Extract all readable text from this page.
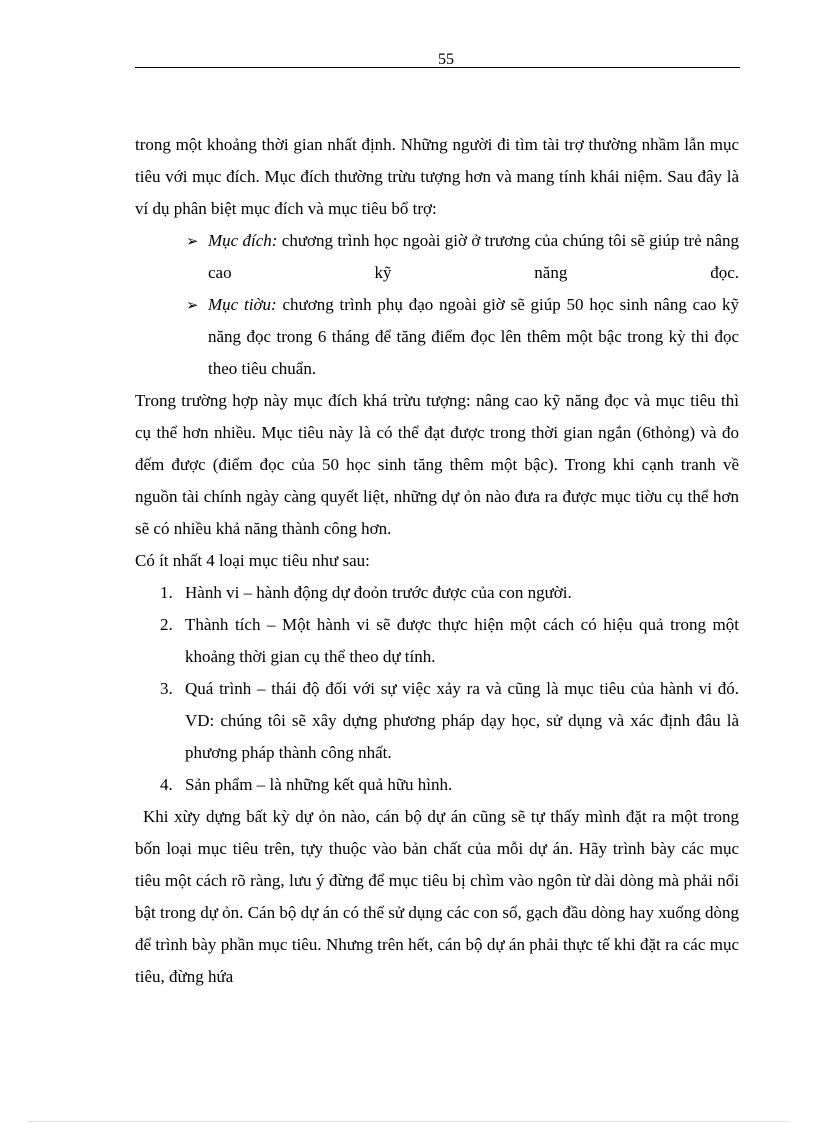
55

trong một khoảng thời gian nhất định. Những người đi tìm tài trợ thường nhầm lẫn mục tiêu với mục đích. Mục đích thường trừu tượng hơn và mang tính khái niệm. Sau đây là ví dụ phân biệt mục đích và mục tiêu bổ trợ:

➢ Mục đích: chương trình học ngoài giờ ở trương của chúng tôi sẽ giúp trẻ nâng cao kỹ năng đọc.
➢ Mục tiờu: chương trình phụ đạo ngoài giờ sẽ giúp 50 học sinh nâng cao kỹ năng đọc trong 6 tháng để tăng điểm đọc lên thêm một bậc trong kỳ thi đọc theo tiêu chuẩn.

Trong trường hợp này mục đích khá trừu tượng: nâng cao kỹ năng đọc và mục tiêu thì cụ thể hơn nhiều. Mục tiêu này là có thể đạt được trong thời gian ngắn (6thỏng) và đo đếm được (điểm đọc của 50 học sinh tăng thêm một bậc). Trong khi cạnh tranh về nguồn tài chính ngày càng quyết liệt, những dự ỏn nào đưa ra được mục tiờu cụ thể hơn sẽ có nhiều khả năng thành công hơn.

Có ít nhất 4 loại mục tiêu như sau:

1. Hành vi – hành động dự đoỏn trước được của con người.
2. Thành tích – Một hành vi sẽ được thực hiện một cách có hiệu quả trong một khoảng thời gian cụ thể theo dự tính.
3. Quá trình – thái độ đối với sự việc xảy ra và cũng là mục tiêu của hành vi đó. VD: chúng tôi sẽ xây dựng phương pháp dạy học, sử dụng và xác định đâu là phương pháp thành công nhất.
4. Sản phẩm – là những kết quả hữu hình.

Khi xừy dựng bất kỳ dự ỏn nào, cán bộ dự án cũng sẽ tự thấy mình đặt ra một trong bốn loại mục tiêu trên, tựy thuộc vào bản chất của mỗi dự án. Hãy trình bày các mục tiêu một cách rõ ràng, lưu ý đừng để mục tiêu bị chìm vào ngôn từ dài dòng mà phải nổi bật trong dự ỏn. Cán bộ dự án có thể sử dụng các con số, gạch đầu dòng hay xuống dòng để trình bày phần mục tiêu. Nhưng trên hết, cán bộ dự án phải thực tế khi đặt ra các mục tiêu, đừng hứa
